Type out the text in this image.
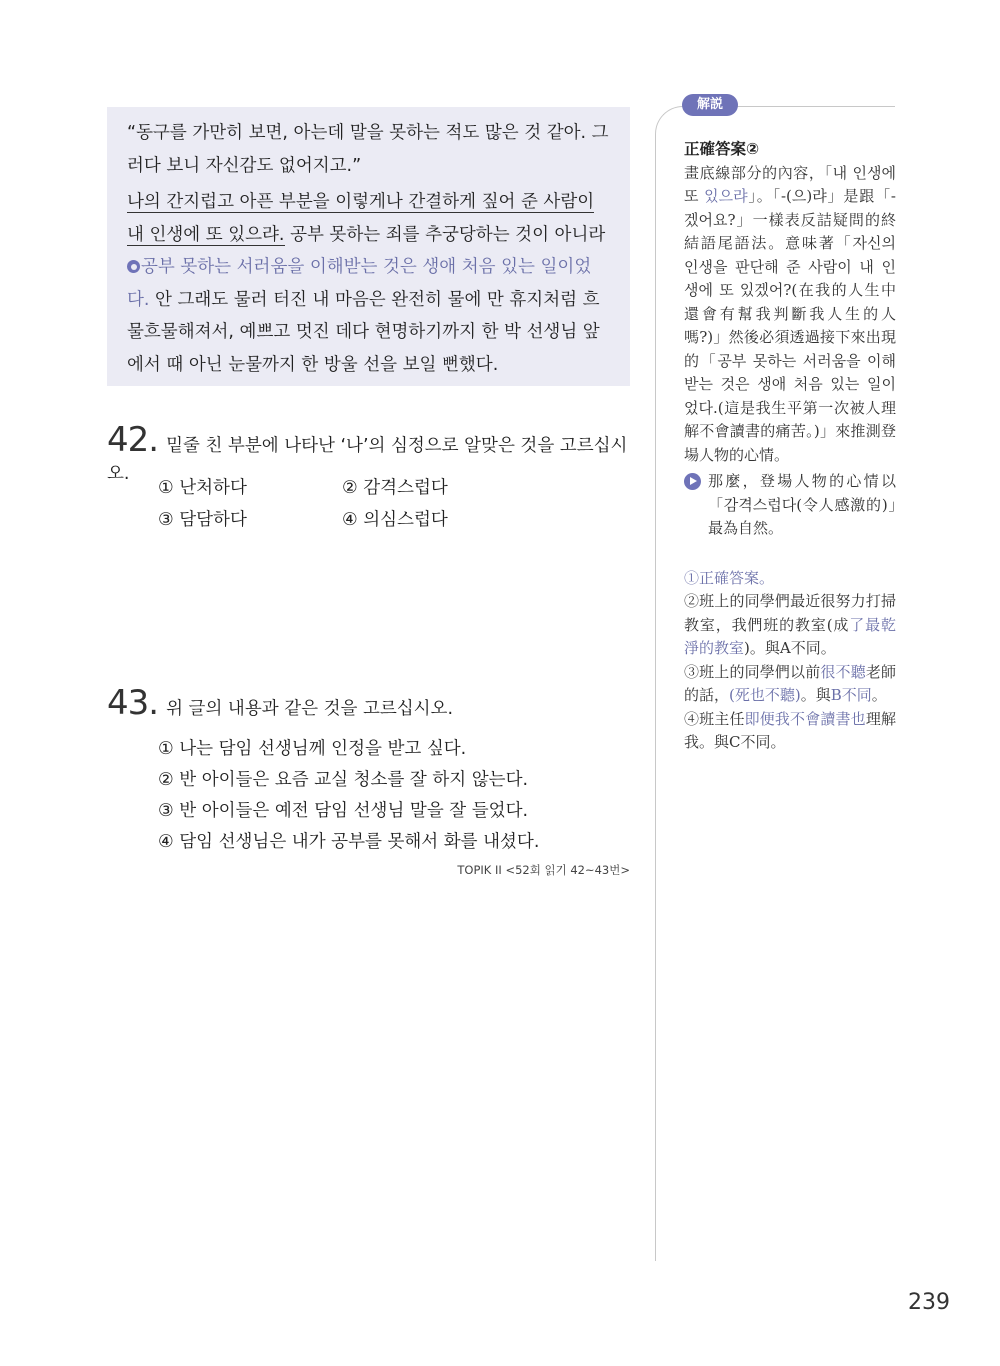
“동구를 가만히 보면, 아는데 말을 못하는 적도 많은 것 같아. 그러다 보니 자신감도 없어지고.”

나의 간지럽고 아픈 부분을 이렇게나 간결하게 짚어 준 사람이 내 인생에 또 있으랴. 공부 못하는 죄를 추궁당하는 것이 아니라 공부 못하는 서러움을 이해받는 것은 생애 처음 있는 일이었다. 안 그래도 물러 터진 내 마음은 완전히 물에 만 휴지처럼 흐물흐물해져서, 예쁘고 멋진 데다 현명하기까지 한 박 선생님 앞에서 때 아닌 눈물까지 한 방울 선을 보일 뻔했다.

42. 밑줄 친 부분에 나타난 ‘나’의 심정으로 알맞은 것을 고르십시오.
① 난처하다	② 감격스럽다
③ 담담하다	④ 의심스럽다
43. 위 글의 내용과 같은 것을 고르십시오.
① 나는 담임 선생님께 인정을 받고 싶다.
② 반 아이들은 요즘 교실 청소를 잘 하지 않는다.
③ 반 아이들은 예전 담임 선생님 말을 잘 들었다.
④ 담임 선생님은 내가 공부를 못해서 화를 내셨다.
TOPIK II <52회 읽기 42~43번>
解説

正確答案②

畫底線部分的內容，「내 인생에 또 있으랴」。「-(으)랴」是跟「-겠어요?」一樣表反詰疑問的終結語尾語法。意味著「자신의 인생을 판단해 준 사람이 내 인생에 또 있겠어?(在我的人生中還會有幫我判斷我人生的人嗎?)」然後必須透過接下來出現的「공부 못하는 서러움을 이해받는 것은 생애 처음 있는 일이었다.(這是我生平第一次被人理解不會讀書的痛苦。)」來推測登場人物的心情。

那麼，登場人物的心情以「감격스럽다(令人感激的)」最為自然。

①正確答案。

②班上的同學們最近很努力打掃教室，我們班的教室(成了最乾淨的教室)。與A不同。

③班上的同學們以前很不聽老師的話，(死也不聽)。與B不同。

④班主任即便我不會讀書也理解我。與C不同。

239
